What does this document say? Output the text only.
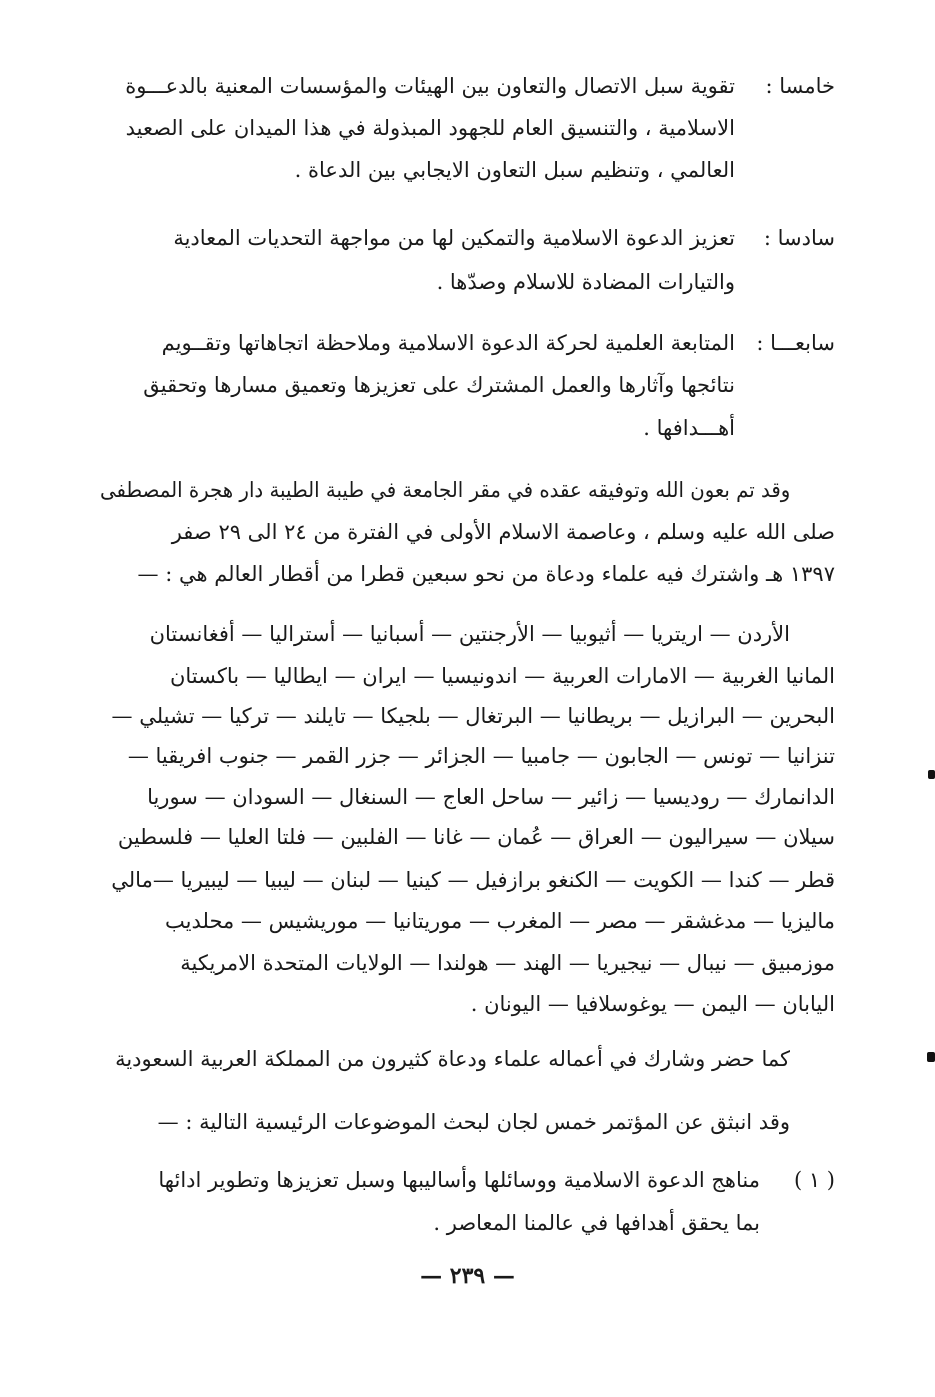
خامسا :
تقوية سبل الاتصال والتعاون بين الهيئات والمؤسسات المعنية بالدعـــوة
الاسلامية ، والتنسيق العام للجهود المبذولة في هذا الميدان على الصعيد
العالمي ، وتنظيم سبل التعاون الايجابي بين الدعاة .
سادسا :
تعزيز الدعوة الاسلامية والتمكين لها من مواجهة التحديات المعادية
والتيارات المضادة للاسلام وصدّها .
سابعـــا :
المتابعة العلمية لحركة الدعوة الاسلامية وملاحظة اتجاهاتها وتقــويم
نتائجها وآثارها والعمل المشترك على تعزيزها وتعميق مسارها وتحقيق
أهـــدافها .
وقد تم بعون الله وتوفيقه عقده في مقر الجامعة في طيبة الطيبة دار هجرة المصطفى
صلى الله عليه وسلم ، وعاصمة الاسلام الأولى في الفترة من ٢٤ الى ٢٩ صفر
١٣٩٧ هـ واشترك فيه علماء ودعاة من نحو سبعين قطرا من أقطار العالم هي : —
الأردن — اريتريا — أثيوبيا — الأرجنتين — أسبانيا — أستراليا — أفغانستان
المانيا الغربية — الامارات العربية — اندونيسيا — ايران — ايطاليا — باكستان
البحرين — البرازيل — بريطانيا — البرتغال — بلجيكا — تايلند — تركيا — تشيلي —
تنزانيا — تونس — الجابون — جامبيا — الجزائر — جزر القمر — جنوب افريقيا —
الدانمارك — روديسيا — زائير — ساحل العاج — السنغال — السودان — سوريا
سيلان — سيراليون — العراق — عُمان — غانا — الفلبين — فلتا العليا — فلسطين
قطر — كندا — الكويت — الكنغو برازفيل — كينيا — لبنان — ليبيا — ليبيريا —مالي
ماليزيا — مدغشقر — مصر — المغرب — موريتانيا — موريشيس — محلديب
موزمبيق — نيبال — نيجيريا — الهند — هولندا — الولايات المتحدة الامريكية
اليابان — اليمن — يوغوسلافيا — اليونان .
كما حضر وشارك في أعماله علماء ودعاة كثيرون من المملكة العربية السعودية
وقد انبثق عن المؤتمر خمس لجان لبحث الموضوعات الرئيسية التالية : —
( ١ )
مناهج الدعوة الاسلامية ووسائلها وأساليبها وسبل تعزيزها وتطوير ادائها
بما يحقق أهدافها في عالمنا المعاصر .
— ٢٣٩ —
